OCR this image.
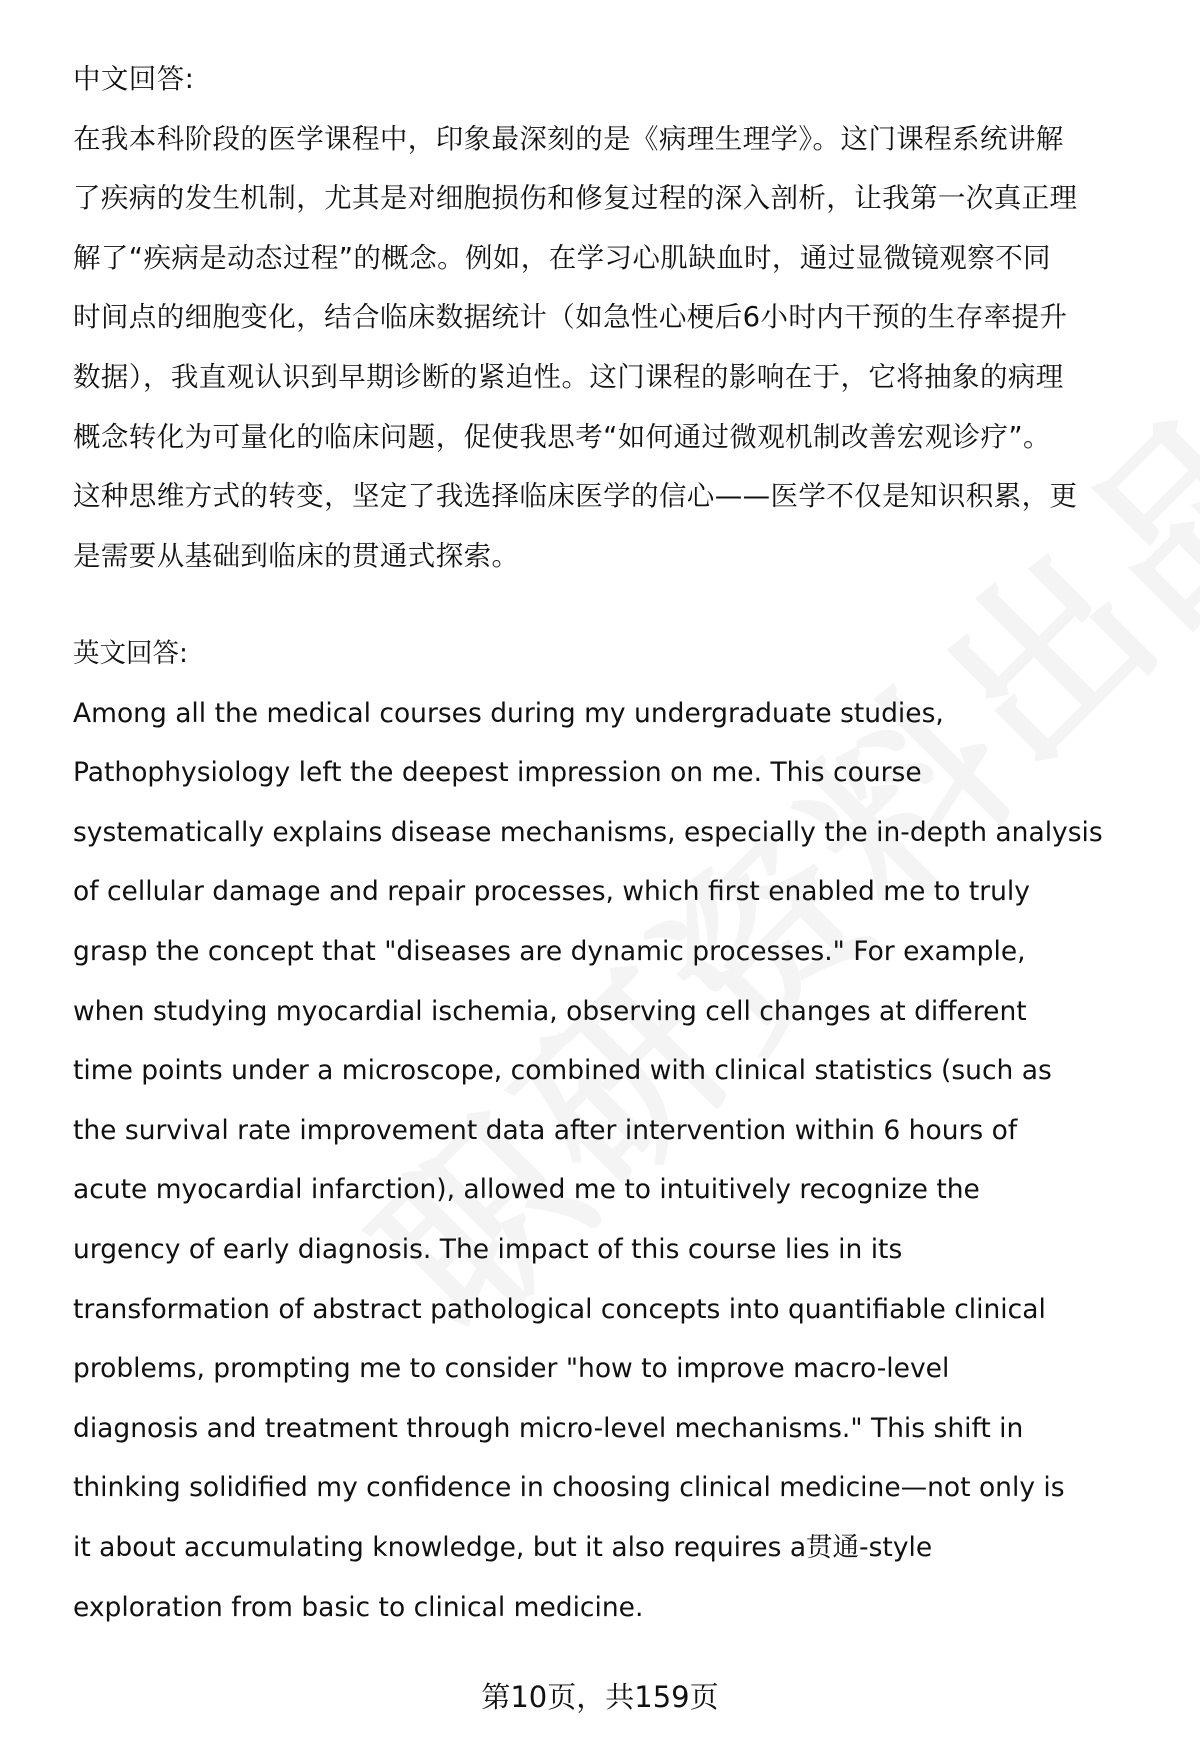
中文回答:
在我本科阶段的医学课程中，印象最深刻的是《病理生理学》。这门课程系统讲解
了疾病的发生机制，尤其是对细胞损伤和修复过程的深入剖析，让我第一次真正理
解了“疾病是动态过程”的概念。例如，在学习心肌缺血时，通过显微镜观察不同
时间点的细胞变化，结合临床数据统计（如急性心梗后6小时内干预的生存率提升
数据），我直观认识到早期诊断的紧迫性。这门课程的影响在于，它将抽象的病理
概念转化为可量化的临床问题，促使我思考“如何通过微观机制改善宏观诊疗”。
这种思维方式的转变，坚定了我选择临床医学的信心——医学不仅是知识积累，更
是需要从基础到临床的贯通式探索。
英文回答:
Among all the medical courses during my undergraduate studies,
Pathophysiology left the deepest impression on me. This course
systematically explains disease mechanisms, especially the in-depth analysis
of cellular damage and repair processes, which first enabled me to truly
grasp the concept that "diseases are dynamic processes." For example,
when studying myocardial ischemia, observing cell changes at different
time points under a microscope, combined with clinical statistics (such as
the survival rate improvement data after intervention within 6 hours of
acute myocardial infarction), allowed me to intuitively recognize the
urgency of early diagnosis. The impact of this course lies in its
transformation of abstract pathological concepts into quantifiable clinical
problems, prompting me to consider "how to improve macro-level
diagnosis and treatment through micro-level mechanisms." This shift in
thinking solidified my confidence in choosing clinical medicine—not only is
it about accumulating knowledge, but it also requires a贯通-style
exploration from basic to clinical medicine.
第10页，共159页
